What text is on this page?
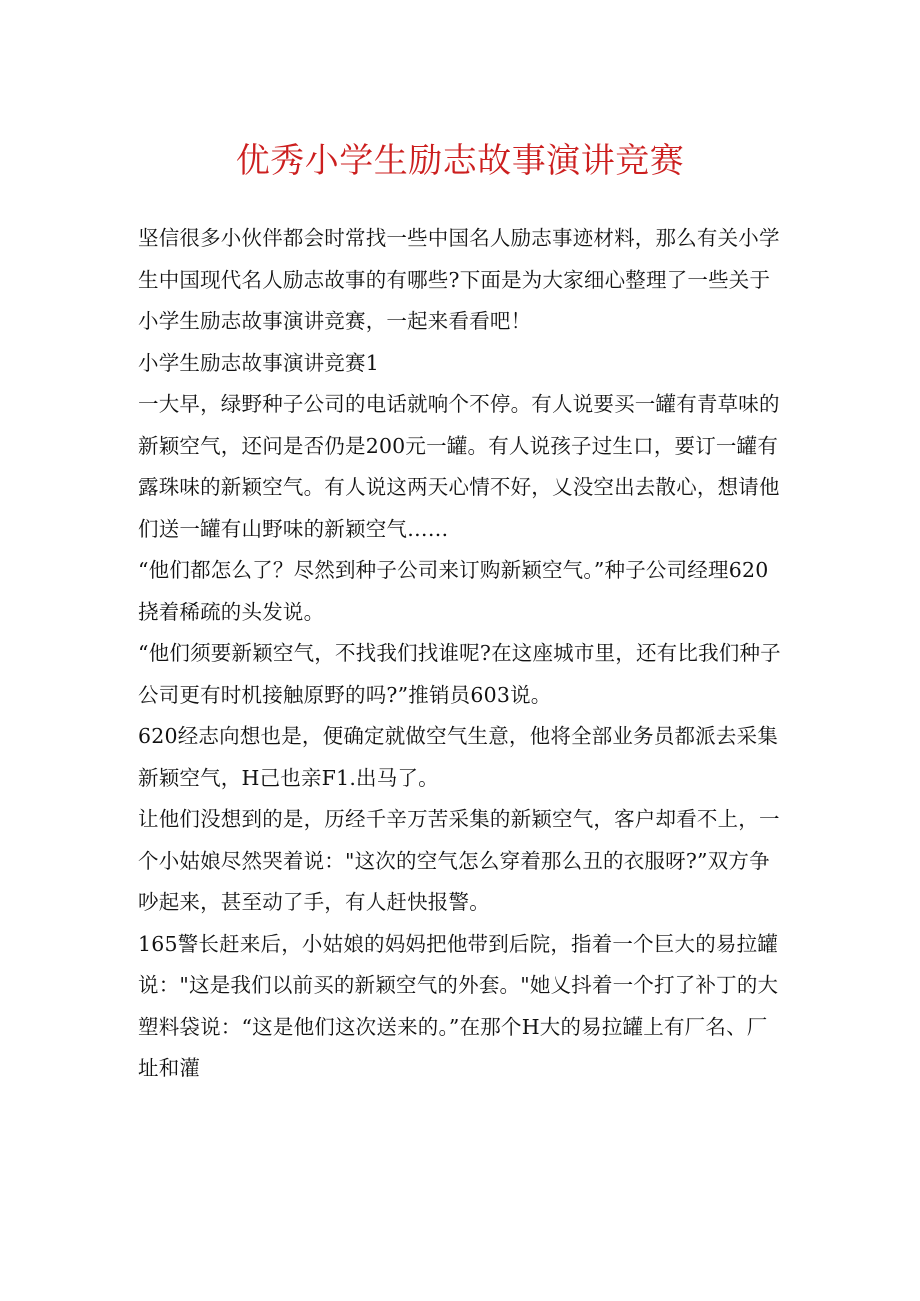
优秀小学生励志故事演讲竞赛

坚信很多小伙伴都会时常找一些中国名人励志事迹材料，那么有关小学生中国现代名人励志故事的有哪些?下面是为大家细心整理了一些关于小学生励志故事演讲竞赛，一起来看看吧！

小学生励志故事演讲竞赛1

一大早，绿野种子公司的电话就响个不停。有人说要买一罐有青草味的新颖空气，还问是否仍是200元一罐。有人说孩子过生口，要订一罐有露珠味的新颖空气。有人说这两天心情不好，乂没空出去散心，想请他们送一罐有山野味的新颖空气……

“他们都怎么了？尽然到种子公司来订购新颖空气。”种子公司经理620挠着稀疏的头发说。

“他们须要新颖空气，不找我们找谁呢?在这座城市里，还有比我们种子公司更有时机接触原野的吗?”推销员603说。

620经志向想也是，便确定就做空气生意，他将全部业务员都派去采集新颖空气，H己也亲F1.出马了。

让他们没想到的是，历经千辛万苦采集的新颖空气，客户却看不上，一个小姑娘尽然哭着说："这次的空气怎么穿着那么丑的衣服呀?”双方争吵起来，甚至动了手，有人赶快报警。

165警长赶来后，小姑娘的妈妈把他带到后院，指着一个巨大的易拉罐说："这是我们以前买的新颖空气的外套。"她乂抖着一个打了补丁的大塑料袋说：“这是他们这次送来的。”在那个H大的易拉罐上有厂名、厂址和灌
